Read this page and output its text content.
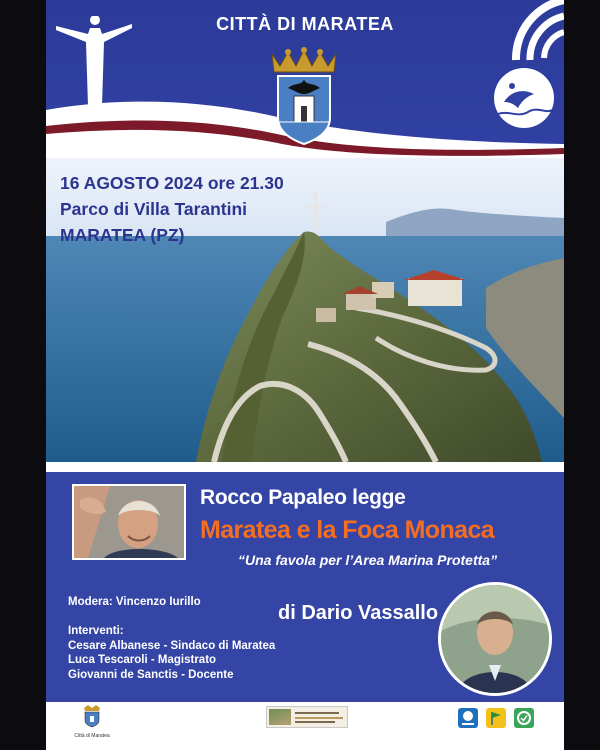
CITTÀ DI MARATEA
16 AGOSTO 2024 ore 21.30
Parco di Villa Tarantini
MARATEA (PZ)
Rocco Papaleo legge
Maratea e la Foca Monaca
“Una favola per l’Area Marina Protetta”
Modera: Vincenzo Iurillo
Interventi:
Cesare Albanese - Sindaco di Maratea
Luca Tescaroli - Magistrato
Giovanni de Sanctis - Docente
di Dario Vassallo
Città di Maratea
